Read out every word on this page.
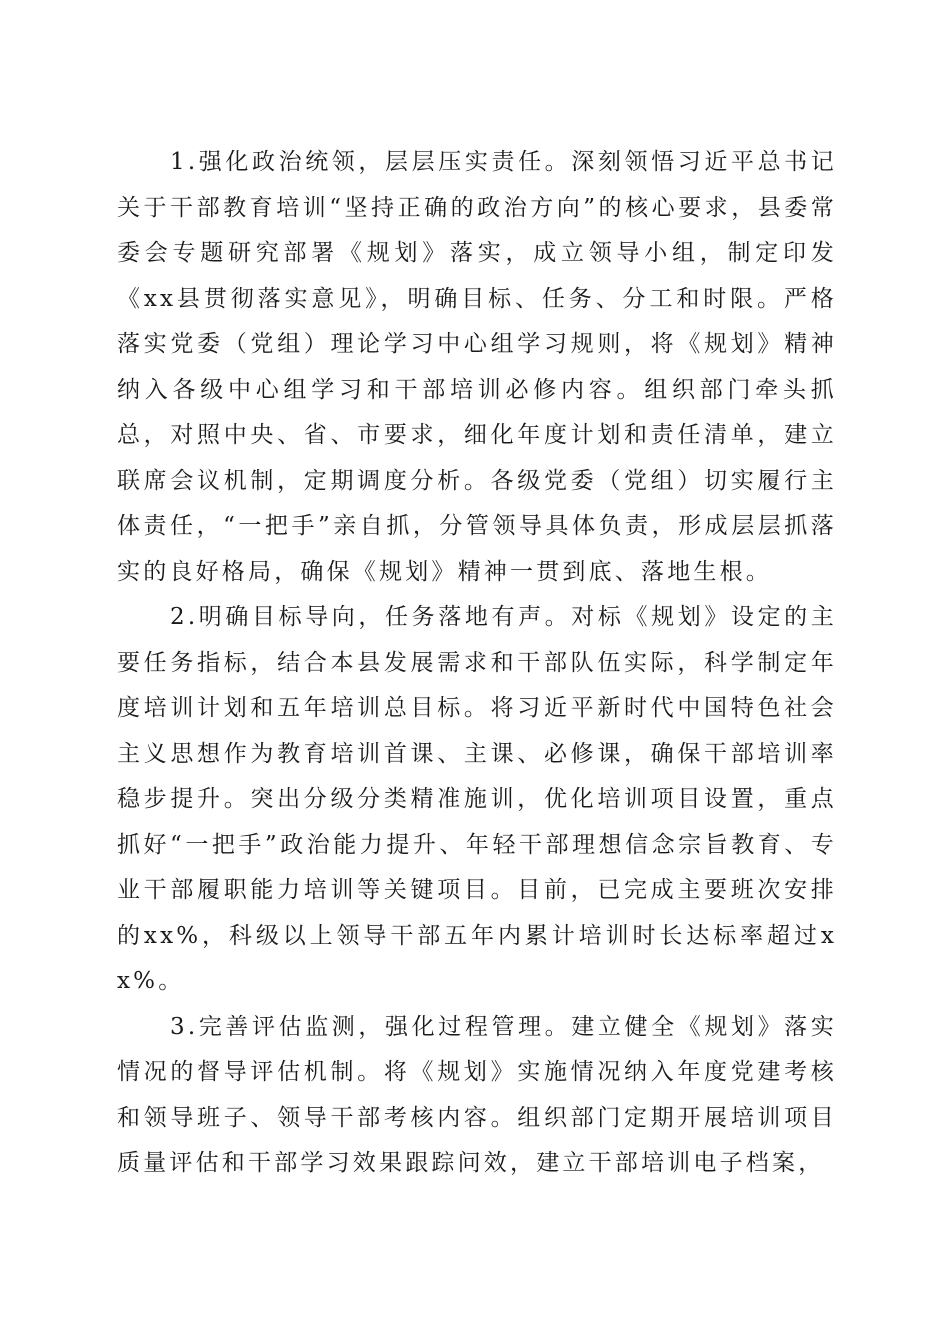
1.强化政治统领，层层压实责任。深刻领悟习近平总书记关于干部教育培训“坚持正确的政治方向”的核心要求，县委常委会专题研究部署《规划》落实，成立领导小组，制定印发《xx县贯彻落实意见》，明确目标、任务、分工和时限。严格落实党委（党组）理论学习中心组学习规则，将《规划》精神纳入各级中心组学习和干部培训必修内容。组织部门牵头抓总，对照中央、省、市要求，细化年度计划和责任清单，建立联席会议机制，定期调度分析。各级党委（党组）切实履行主体责任，“一把手”亲自抓，分管领导具体负责，形成层层抓落实的良好格局，确保《规划》精神一贯到底、落地生根。

2.明确目标导向，任务落地有声。对标《规划》设定的主要任务指标，结合本县发展需求和干部队伍实际，科学制定年度培训计划和五年培训总目标。将习近平新时代中国特色社会主义思想作为教育培训首课、主课、必修课，确保干部培训率稳步提升。突出分级分类精准施训，优化培训项目设置，重点抓好“一把手”政治能力提升、年轻干部理想信念宗旨教育、专业干部履职能力培训等关键项目。目前，已完成主要班次安排的xx%，科级以上领导干部五年内累计培训时长达标率超过xx%。

3.完善评估监测，强化过程管理。建立健全《规划》落实情况的督导评估机制。将《规划》实施情况纳入年度党建考核和领导班子、领导干部考核内容。组织部门定期开展培训项目质量评估和干部学习效果跟踪问效，建立干部培训电子档案，
